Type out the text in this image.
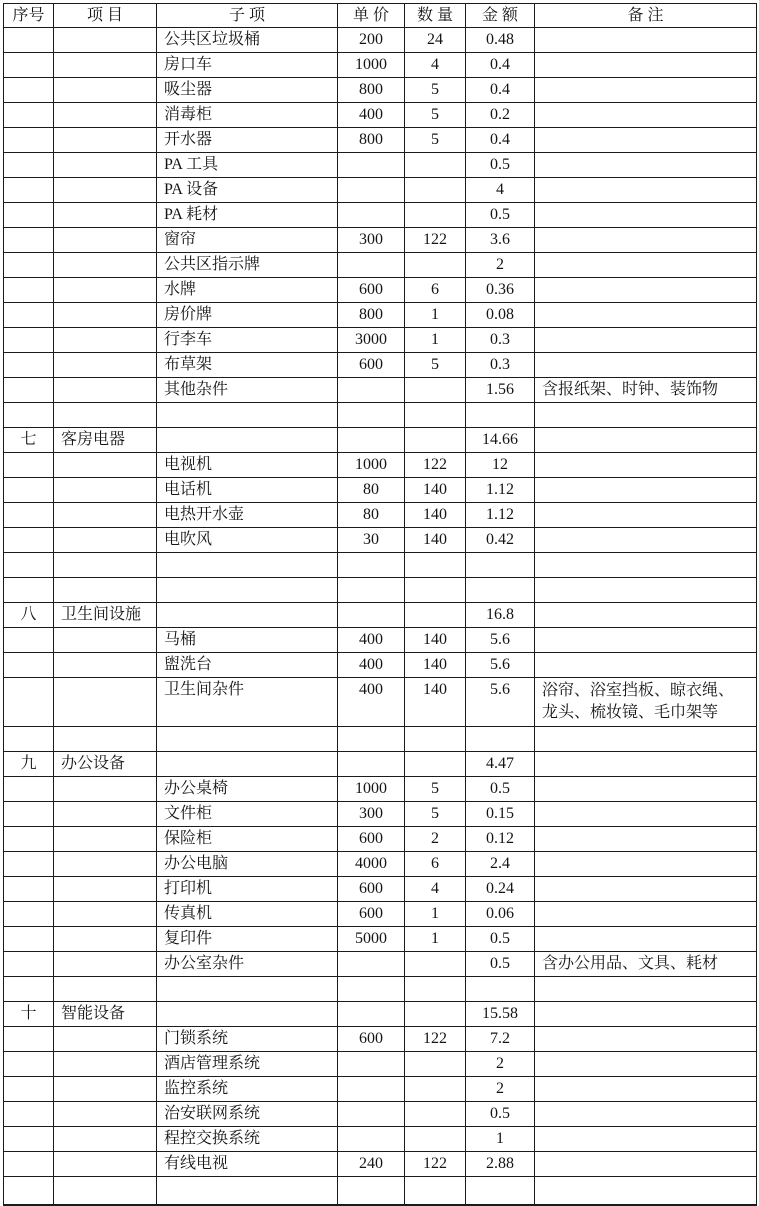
序号	项 目	子 项	单 价	数 量	金 额	备 注
		公共区垃圾桶	200	24	0.48	
		房口车	1000	4	0.4	
		吸尘器	800	5	0.4	
		消毒柜	400	5	0.2	
		开水器	800	5	0.4	
		PA 工具			0.5	
		PA 设备			4	
		PA 耗材			0.5	
		窗帘	300	122	3.6	
		公共区指示牌			2	
		水牌	600	6	0.36	
		房价牌	800	1	0.08	
		行李车	3000	1	0.3	
		布草架	600	5	0.3	
		其他杂件			1.56	含报纸架、时钟、装饰物

七	客房电器				14.66	
		电视机	1000	122	12	
		电话机	80	140	1.12	
		电热开水壶	80	140	1.12	
		电吹风	30	140	0.42	

八	卫生间设施				16.8	
		马桶	400	140	5.6	
		盥洗台	400	140	5.6	
		卫生间杂件	400	140	5.6	浴帘、浴室挡板、晾衣绳、龙头、梳妆镜、毛巾架等

九	办公设备				4.47	
		办公桌椅	1000	5	0.5	
		文件柜	300	5	0.15	
		保险柜	600	2	0.12	
		办公电脑	4000	6	2.4	
		打印机	600	4	0.24	
		传真机	600	1	0.06	
		复印件	5000	1	0.5	
		办公室杂件			0.5	含办公用品、文具、耗材

十	智能设备				15.58	
		门锁系统	600	122	7.2	
		酒店管理系统			2	
		监控系统			2	
		治安联网系统			0.5	
		程控交换系统			1	
		有线电视	240	122	2.88	
